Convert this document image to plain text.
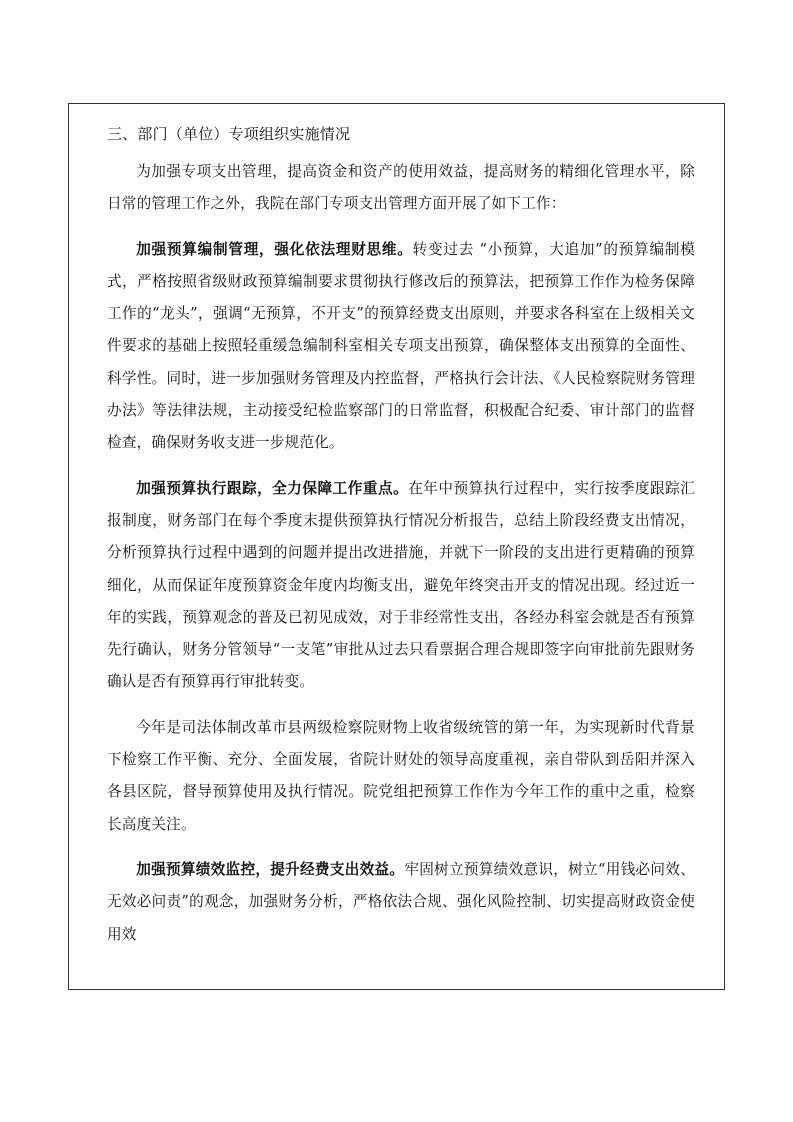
三、部门（单位）专项组织实施情况

为加强专项支出管理，提高资金和资产的使用效益，提高财务的精细化管理水平，除日常的管理工作之外，我院在部门专项支出管理方面开展了如下工作：

加强预算编制管理，强化依法理财思维。转变过去 “小预算，大追加”的预算编制模式，严格按照省级财政预算编制要求贯彻执行修改后的预算法，把预算工作作为检务保障工作的“龙头”，强调“无预算，不开支”的预算经费支出原则，并要求各科室在上级相关文件要求的基础上按照轻重缓急编制科室相关专项支出预算，确保整体支出预算的全面性、科学性。同时，进一步加强财务管理及内控监督，严格执行会计法、《人民检察院财务管理办法》等法律法规，主动接受纪检监察部门的日常监督，积极配合纪委、审计部门的监督检查，确保财务收支进一步规范化。

加强预算执行跟踪，全力保障工作重点。在年中预算执行过程中，实行按季度跟踪汇报制度，财务部门在每个季度末提供预算执行情况分析报告，总结上阶段经费支出情况，分析预算执行过程中遇到的问题并提出改进措施，并就下一阶段的支出进行更精确的预算细化，从而保证年度预算资金年度内均衡支出，避免年终突击开支的情况出现。经过近一年的实践，预算观念的普及已初见成效，对于非经常性支出，各经办科室会就是否有预算先行确认，财务分管领导“一支笔”审批从过去只看票据合理合规即签字向审批前先跟财务确认是否有预算再行审批转变。

今年是司法体制改革市县两级检察院财物上收省级统管的第一年，为实现新时代背景下检察工作平衡、充分、全面发展，省院计财处的领导高度重视，亲自带队到岳阳并深入各县区院，督导预算使用及执行情况。院党组把预算工作作为今年工作的重中之重，检察长高度关注。

加强预算绩效监控，提升经费支出效益。牢固树立预算绩效意识，树立“用钱必问效、无效必问责”的观念，加强财务分析，严格依法合规、强化风险控制、切实提高财政资金使用效
